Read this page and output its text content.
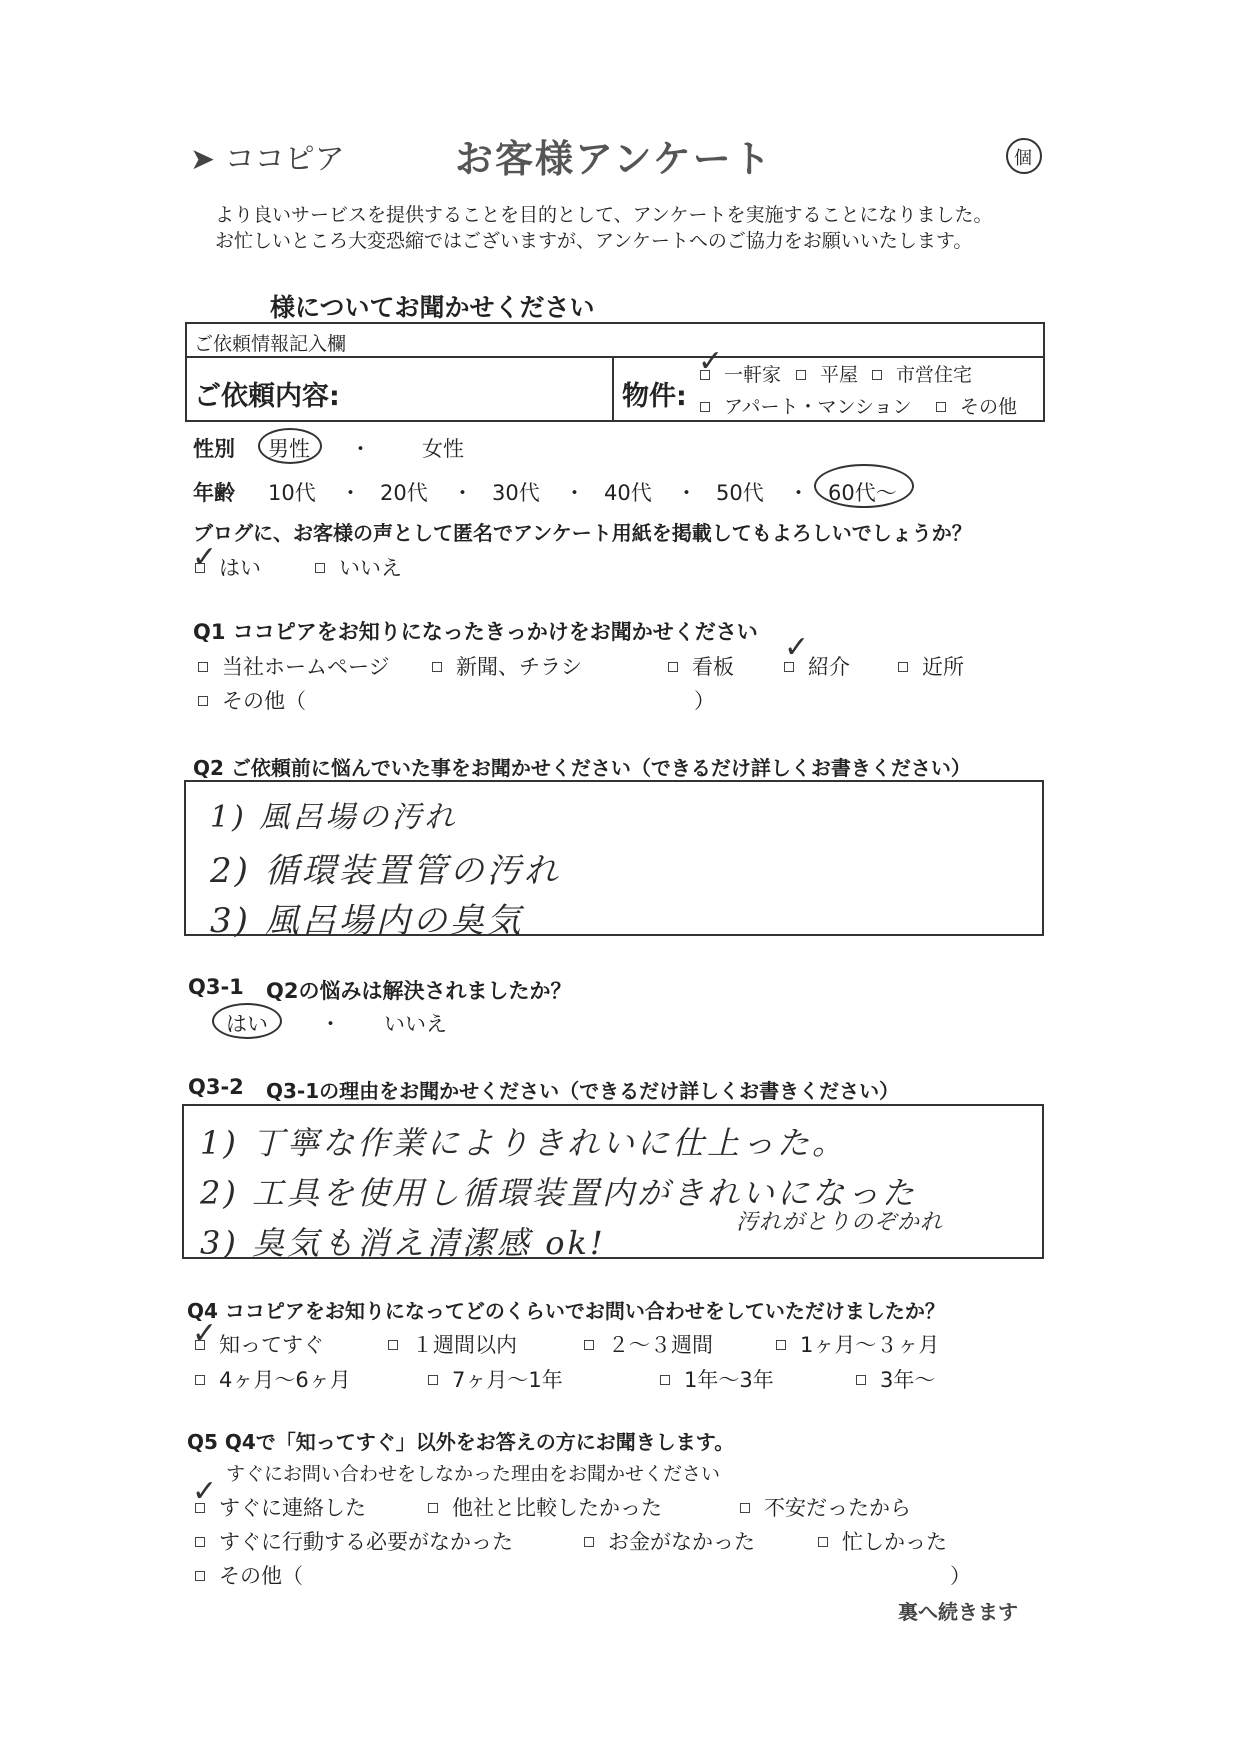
➤ ココピア	お客様アンケート	個
より良いサービスを提供することを目的として、アンケートを実施することになりました。
お忙しいところ大変恐縮ではございますが、アンケートへのご協力をお願いいたします。
様についてお聞かせください
ご依頼情報記入欄
ご依頼内容:	物件:
一軒家
✓	平屋	市営住宅
アパート・マンション	その他
性別 男性 ・ 女性
年齢 10代 ・ 20代 ・ 30代 ・ 40代 ・ 50代 ・ 60代〜
ブログに、お客様の声として匿名でアンケート用紙を掲載してもよろしいでしょうか？
はい
✓	いいえ
Q1 ココピアをお知りになったきっかけをお聞かせください
当社ホームページ	新聞、チラシ	看板	紹介
✓
近所
その他（	）
Q2 ご依頼前に悩んでいた事をお聞かせください（できるだけ詳しくお書きください）
1) 風呂場の汚れ
2) 循環装置管の汚れ
3) 風呂場内の臭気
Q3-1 Q2の悩みは解決されましたか？
はい ・ いいえ
Q3-2 Q3-1の理由をお聞かせください（できるだけ詳しくお書きください）
1) 丁寧な作業によりきれいに仕上った。
2) 工具を使用し循環装置内がきれいになった
3) 臭気も消え清潔感 ok!
汚れがとりのぞかれ
Q4 ココピアをお知りになってどのくらいでお問い合わせをしていただけましたか？
知ってすぐ
✓	１週間以内	２〜３週間	1ヶ月〜３ヶ月
4ヶ月〜6ヶ月	7ヶ月〜1年	1年〜3年	3年〜
Q5 Q4で「知ってすぐ」以外をお答えの方にお聞きします。
すぐにお問い合わせをしなかった理由をお聞かせください
すぐに連絡した
✓	他社と比較したかった	不安だったから
すぐに行動する必要がなかった	お金がなかった	忙しかった
その他（	）
裏へ続きます
